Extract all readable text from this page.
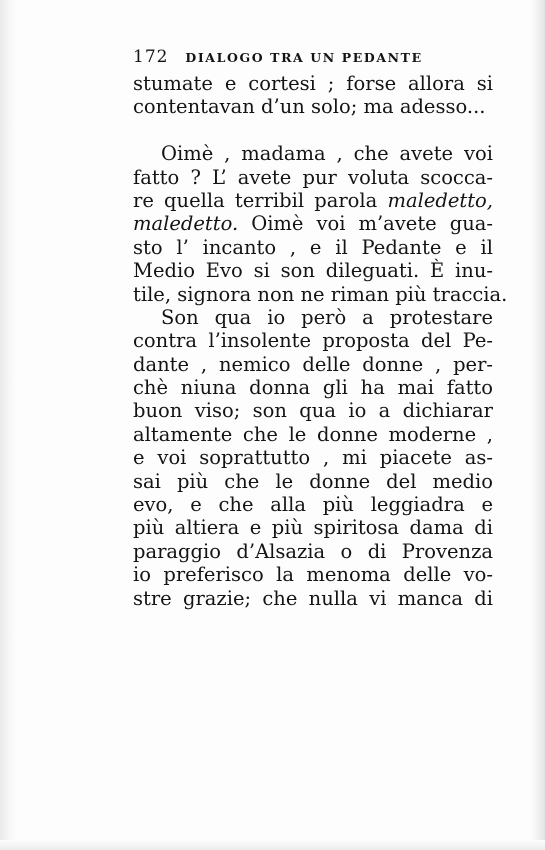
172 DIALOGO TRA UN PEDANTE
stumate e cortesi ; forse allora si
contentavan d’un solo; ma adesso...
Oimè , madama , che avete voi
fatto ? L’ avete pur voluta scocca-
re quella terribil parola maledetto,
maledetto. Oimè voi m’avete gua-
sto l’ incanto , e il Pedante e il
Medio Evo si son dileguati. È inu-
tile, signora non ne riman più traccia.
Son qua io però a protestare
contra l’insolente proposta del Pe-
dante , nemico delle donne , per-
chè niuna donna gli ha mai fatto
buon viso; son qua io a dichiarar
altamente che le donne moderne ,
e voi soprattutto , mi piacete as-
sai più che le donne del medio
evo, e che alla più leggiadra e
più altiera e più spiritosa dama di
paraggio d’Alsazia o di Provenza
io preferisco la menoma delle vo-
stre grazie; che nulla vi manca di
